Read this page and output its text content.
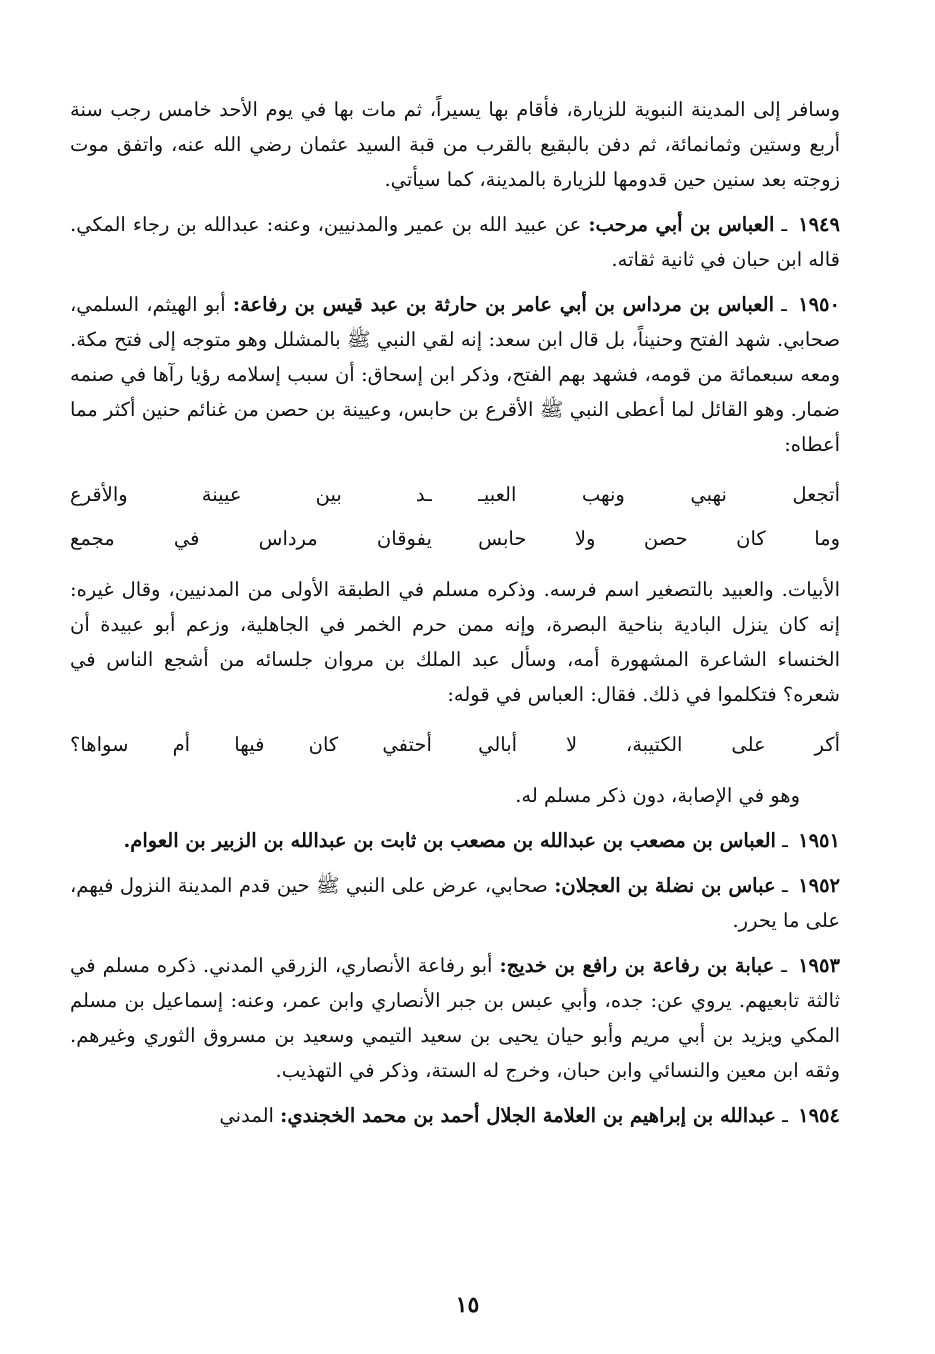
وسافر إلى المدينة النبوية للزيارة، فأقام بها يسيراً، ثم مات بها في يوم الأحد خامس رجب سنة أربع وستين وثمانمائة، ثم دفن بالبقيع بالقرب من قبة السيد عثمان رضي الله عنه، واتفق موت زوجته بعد سنين حين قدومها للزيارة بالمدينة، كما سيأتي.

١٩٤٩ ـ العباس بن أبي مرحب: عن عبيد الله بن عمير والمدنيين، وعنه: عبدالله بن رجاء المكي. قاله ابن حبان في ثانية ثقاته.

١٩٥٠ ـ العباس بن مرداس بن أبي عامر بن حارثة بن عبد قيس بن رفاعة: أبو الهيثم، السلمي، صحابي. شهد الفتح وحنيناً، بل قال ابن سعد: إنه لقي النبي ﷺ بالمشلل وهو متوجه إلى فتح مكة. ومعه سبعمائة من قومه، فشهد بهم الفتح، وذكر ابن إسحاق: أن سبب إسلامه رؤيا رآها في صنمه ضمار. وهو القائل لما أعطى النبي ﷺ الأقرع بن حابس، وعيينة بن حصن من غنائم حنين أكثر مما أعطاه:

أتجعل نهبي ونهب العبيـ
ـد بين عيينة والأقرع
وما كان حصن ولا حابس
يفوقان مرداس في مجمع

الأبيات. والعبيد بالتصغير اسم فرسه. وذكره مسلم في الطبقة الأولى من المدنيين، وقال غيره: إنه كان ينزل البادية بناحية البصرة، وإنه ممن حرم الخمر في الجاهلية، وزعم أبو عبيدة أن الخنساء الشاعرة المشهورة أمه، وسأل عبد الملك بن مروان جلسائه من أشجع الناس في شعره؟ فتكلموا في ذلك. فقال: العباس في قوله:

أكر على الكتيبة، لا أبالي
أحتفي كان فيها أم سواها؟

وهو في الإصابة، دون ذكر مسلم له.

١٩٥١ ـ العباس بن مصعب بن عبدالله بن مصعب بن ثابت بن عبدالله بن الزبير بن العوام.

١٩٥٢ ـ عباس بن نضلة بن العجلان: صحابي، عرض على النبي ﷺ حين قدم المدينة النزول فيهم، على ما يحرر.

١٩٥٣ ـ عبابة بن رفاعة بن رافع بن خديج: أبو رفاعة الأنصاري، الزرقي المدني. ذكره مسلم في ثالثة تابعيهم. يروي عن: جده، وأبي عبس بن جبر الأنصاري وابن عمر، وعنه: إسماعيل بن مسلم المكي ويزيد بن أبي مريم وأبو حيان يحيى بن سعيد التيمي وسعيد بن مسروق الثوري وغيرهم. وثقه ابن معين والنسائي وابن حبان، وخرج له الستة، وذكر في التهذيب.

١٩٥٤ ـ عبدالله بن إبراهيم بن العلامة الجلال أحمد بن محمد الخجندي: المدني

١٥
